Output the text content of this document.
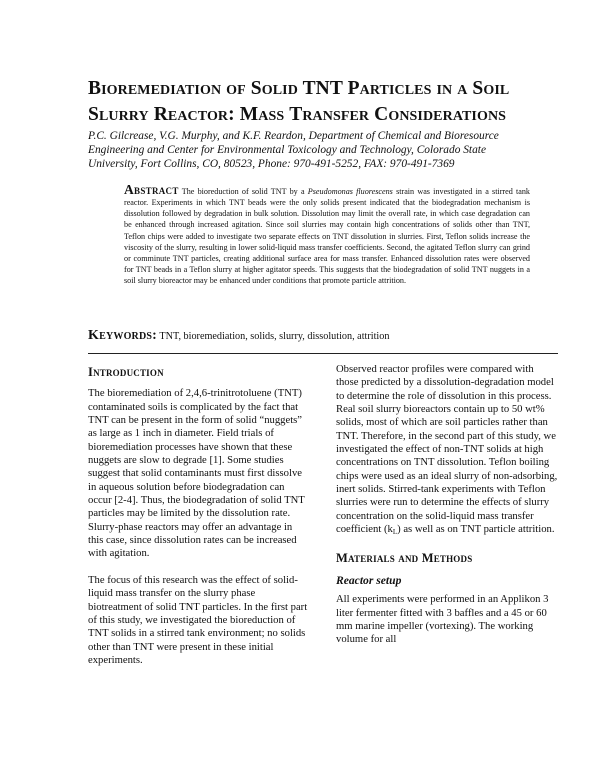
Bioremediation of Solid TNT Particles in a Soil
Slurry Reactor: Mass Transfer Considerations

P.C. Gilcrease, V.G. Murphy, and K.F. Reardon, Department of Chemical and Bioresource
Engineering and Center for Environmental Toxicology and Technology, Colorado State
University, Fort Collins, CO, 80523, Phone: 970-491-5252, FAX: 970-491-7369

Abstract The bioreduction of solid TNT by a Pseudomonas fluorescens strain was investigated in a stirred tank reactor. Experiments in which TNT beads were the only solids present indicated that the biodegradation mechanism is dissolution followed by degradation in bulk solution. Dissolution may limit the overall rate, in which case degradation can be enhanced through increased agitation. Since soil slurries may contain high concentrations of solids other than TNT, Teflon chips were added to investigate two separate effects on TNT dissolution in slurries. First, Teflon solids increase the viscosity of the slurry, resulting in lower solid-liquid mass transfer coefficients. Second, the agitated Teflon slurry can grind or comminute TNT particles, creating additional surface area for mass transfer. Enhanced dissolution rates were observed for TNT beads in a Teflon slurry at higher agitator speeds. This suggests that the biodegradation of solid TNT nuggets in a soil slurry bioreactor may be enhanced under conditions that promote particle attrition.

Keywords: TNT, bioremediation, solids, slurry, dissolution, attrition

Introduction

The bioremediation of 2,4,6-trinitrotoluene (TNT) contaminated soils is complicated by the fact that TNT can be present in the form of solid “nuggets” as large as 1 inch in diameter. Field trials of bioremediation processes have shown that these nuggets are slow to degrade [1]. Some studies suggest that solid contaminants must first dissolve in aqueous solution before biodegradation can occur [2-4]. Thus, the biodegradation of solid TNT particles may be limited by the dissolution rate. Slurry-phase reactors may offer an advantage in this case, since dissolution rates can be increased with agitation.

The focus of this research was the effect of solid-liquid mass transfer on the slurry phase biotreatment of solid TNT particles. In the first part of this study, we investigated the bioreduction of TNT solids in a stirred tank environment; no solids other than TNT were present in these initial experiments.

Observed reactor profiles were compared with those predicted by a dissolution-degradation model to determine the role of dissolution in this process. Real soil slurry bioreactors contain up to 50 wt% solids, most of which are soil particles rather than TNT. Therefore, in the second part of this study, we investigated the effect of non-TNT solids at high concentrations on TNT dissolution. Teflon boiling chips were used as an ideal slurry of non-adsorbing, inert solids. Stirred-tank experiments with Teflon slurries were run to determine the effects of slurry concentration on the solid-liquid mass transfer coefficient $(k_L)$ as well as on TNT particle attrition.

Materials and Methods
Reactor setup

All experiments were performed in an Applikon 3 liter fermenter fitted with 3 baffles and a 45 or 60 mm marine impeller (vortexing). The working volume for all
